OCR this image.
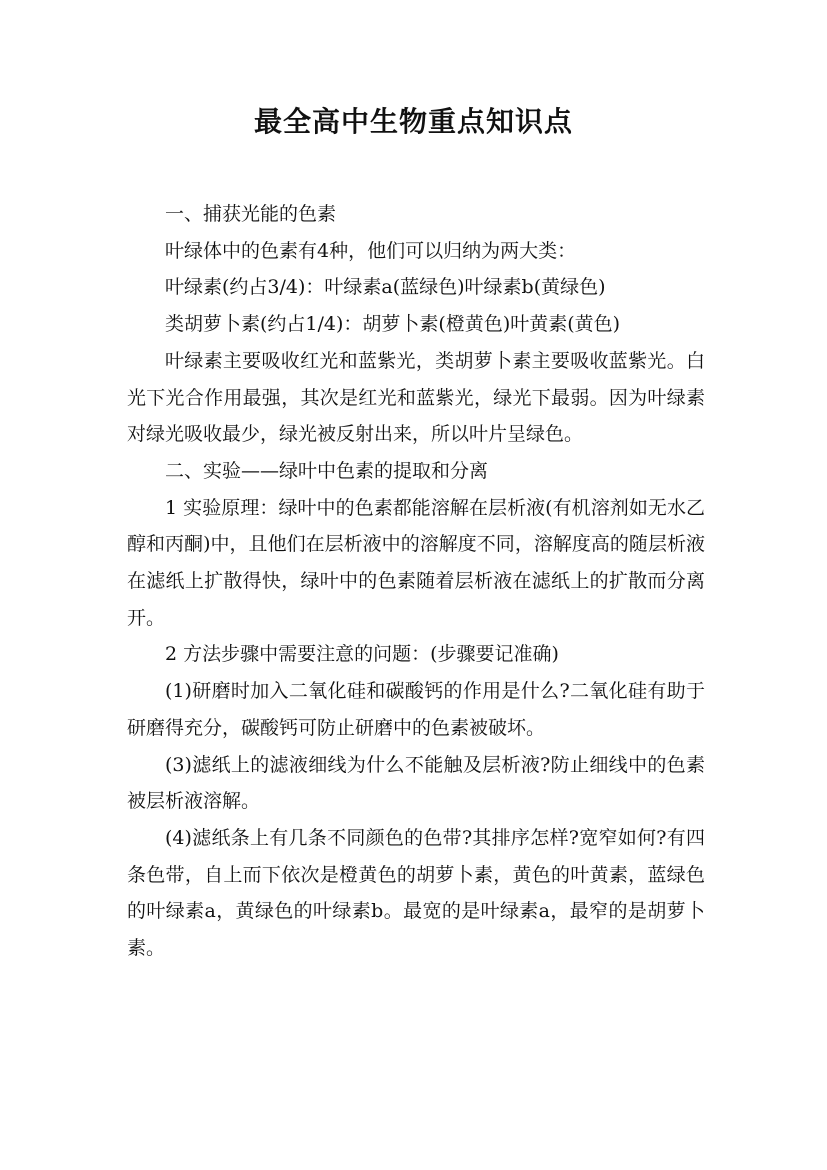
最全高中生物重点知识点

一、捕获光能的色素

叶绿体中的色素有4种，他们可以归纳为两大类：

叶绿素(约占3/4)：叶绿素a(蓝绿色)叶绿素b(黄绿色)

类胡萝卜素(约占1/4)：胡萝卜素(橙黄色)叶黄素(黄色)

叶绿素主要吸收红光和蓝紫光，类胡萝卜素主要吸收蓝紫光。白光下光合作用最强，其次是红光和蓝紫光，绿光下最弱。因为叶绿素对绿光吸收最少，绿光被反射出来，所以叶片呈绿色。

二、实验——绿叶中色素的提取和分离

1 实验原理：绿叶中的色素都能溶解在层析液(有机溶剂如无水乙醇和丙酮)中，且他们在层析液中的溶解度不同，溶解度高的随层析液在滤纸上扩散得快，绿叶中的色素随着层析液在滤纸上的扩散而分离开。

2 方法步骤中需要注意的问题：(步骤要记准确)

(1)研磨时加入二氧化硅和碳酸钙的作用是什么?二氧化硅有助于研磨得充分，碳酸钙可防止研磨中的色素被破坏。

(3)滤纸上的滤液细线为什么不能触及层析液?防止细线中的色素被层析液溶解。

(4)滤纸条上有几条不同颜色的色带?其排序怎样?宽窄如何?有四条色带，自上而下依次是橙黄色的胡萝卜素，黄色的叶黄素，蓝绿色的叶绿素a，黄绿色的叶绿素b。最宽的是叶绿素a，最窄的是胡萝卜素。
